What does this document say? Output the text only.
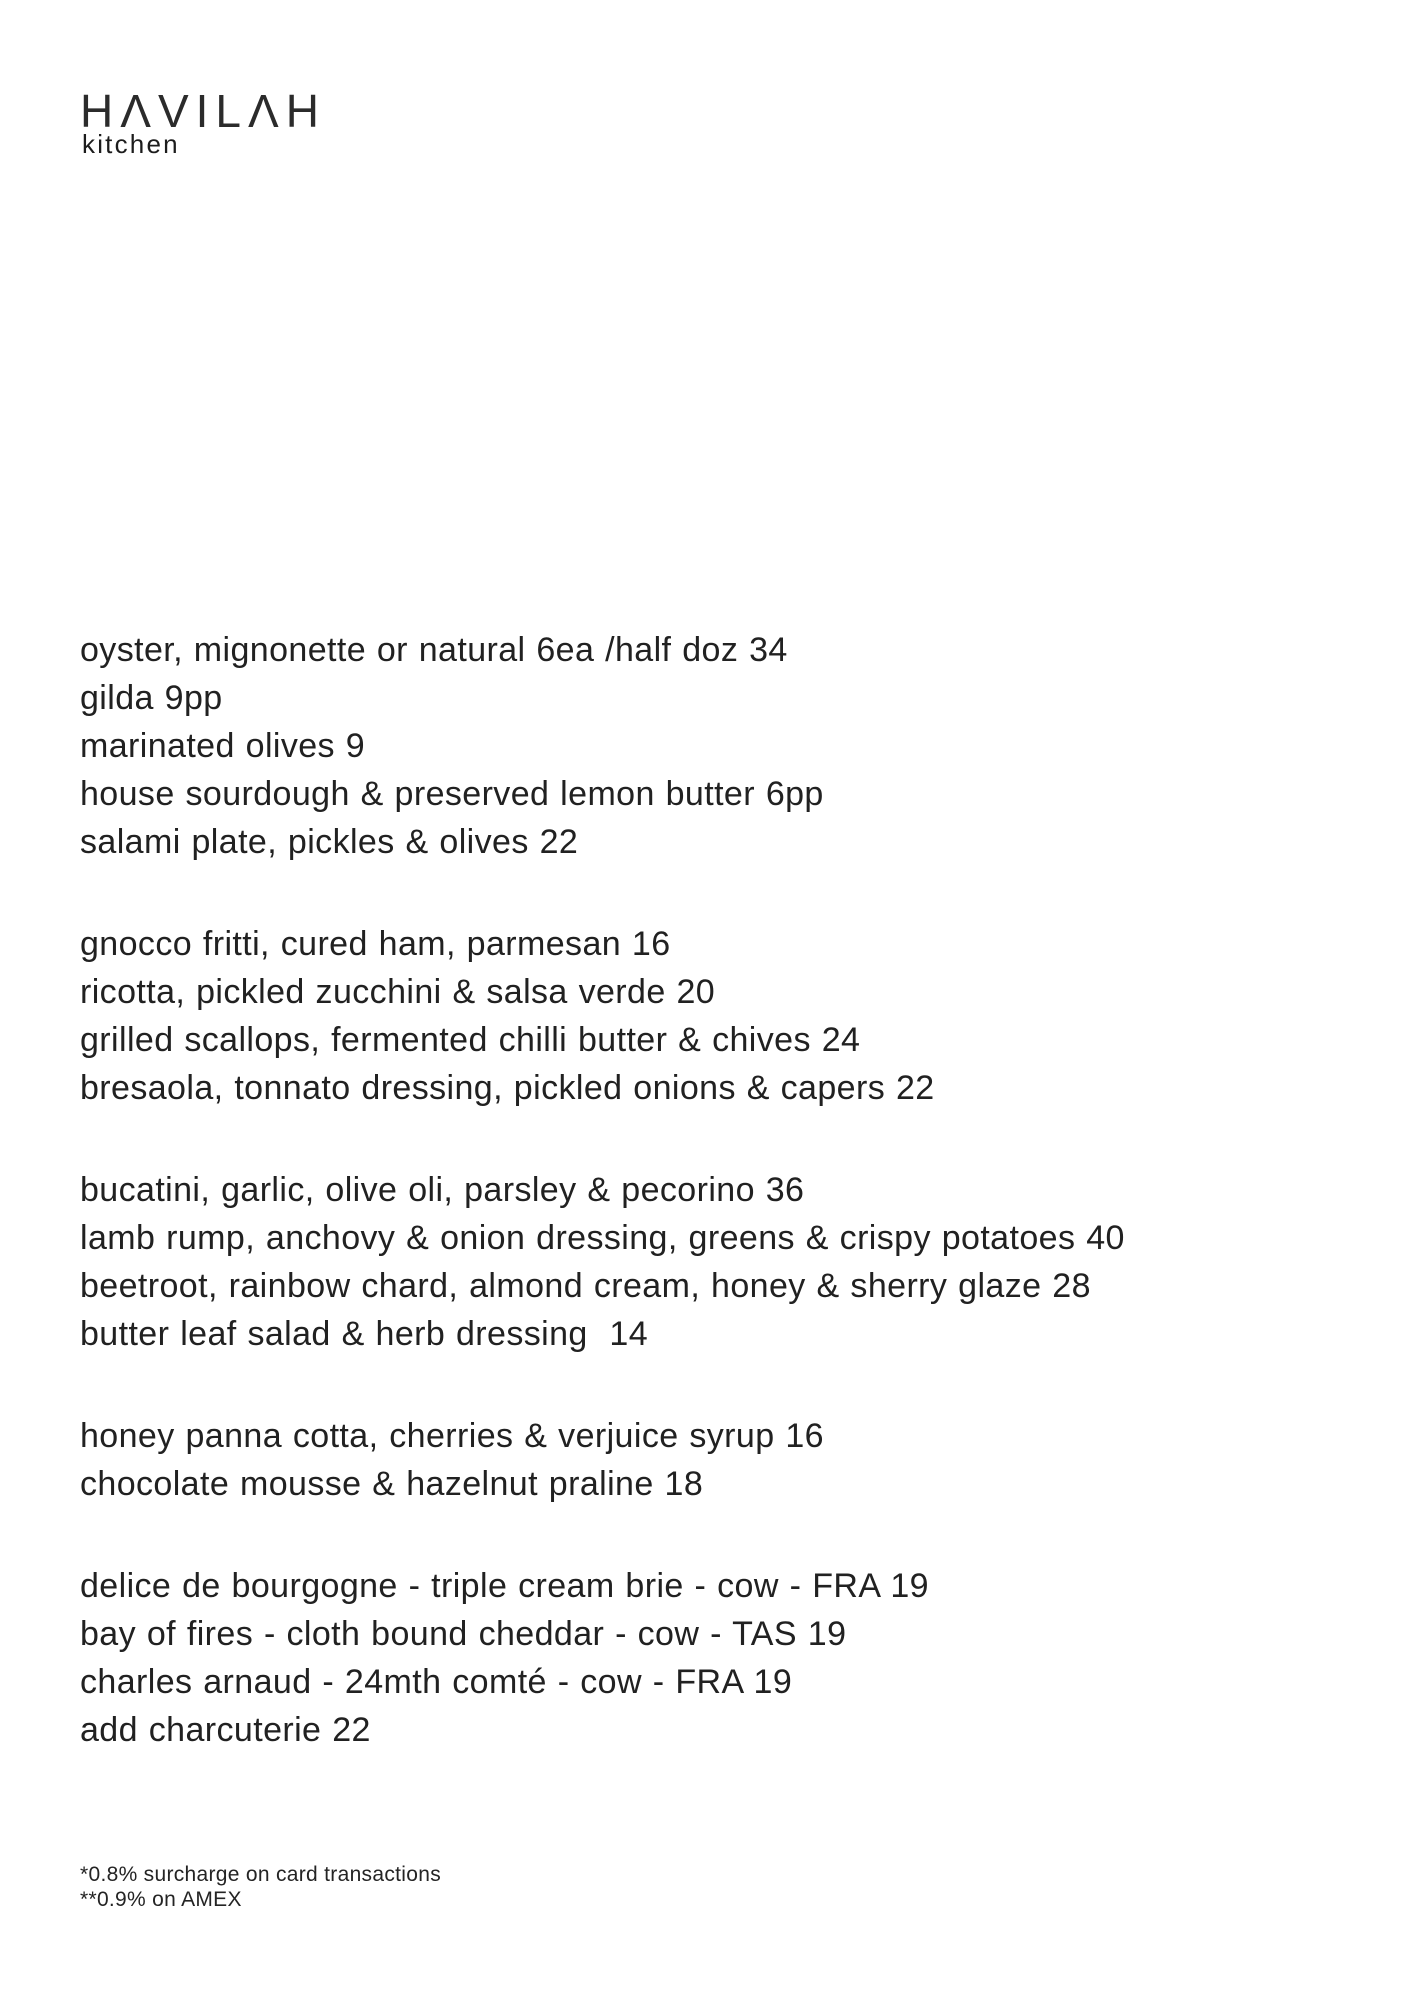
HΛVILΛH
kitchen
oyster, mignonette or natural 6ea /half doz 34
gilda 9pp
marinated olives 9
house sourdough & preserved lemon butter 6pp
salami plate, pickles & olives 22
gnocco fritti, cured ham, parmesan 16
ricotta, pickled zucchini & salsa verde 20
grilled scallops, fermented chilli butter & chives 24
bresaola, tonnato dressing, pickled onions & capers 22
bucatini, garlic, olive oli, parsley & pecorino 36
lamb rump, anchovy & onion dressing, greens & crispy potatoes 40
beetroot, rainbow chard, almond cream, honey & sherry glaze 28
butter leaf salad & herb dressing  14
honey panna cotta, cherries & verjuice syrup 16
chocolate mousse & hazelnut praline 18
delice de bourgogne - triple cream brie - cow - FRA 19
bay of fires - cloth bound cheddar - cow - TAS 19
charles arnaud - 24mth comté - cow - FRA 19
add charcuterie 22
*0.8% surcharge on card transactions
**0.9% on AMEX
